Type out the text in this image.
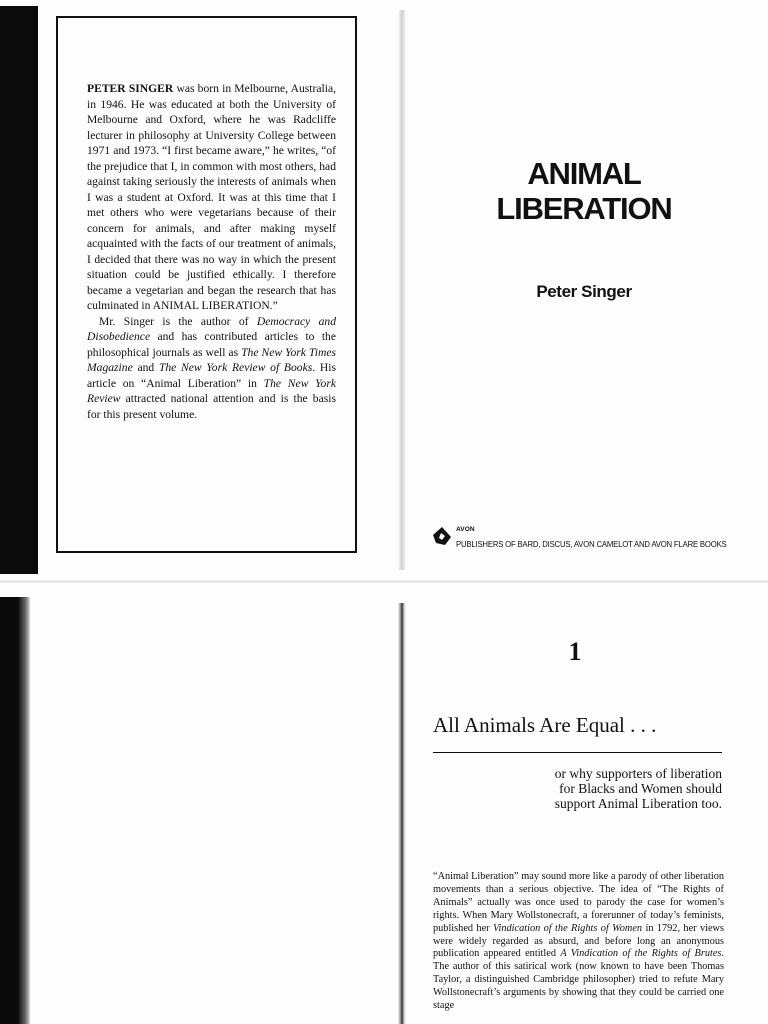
PETER SINGER was born in Melbourne, Australia, in 1946. He was educated at both the University of Melbourne and Oxford, where he was Radcliffe lecturer in philosophy at University College between 1971 and 1973. “I first became aware,” he writes, “of the prejudice that I, in common with most others, had against taking seriously the interests of animals when I was a student at Oxford. It was at this time that I met others who were vegetarians because of their concern for animals, and after making myself acquainted with the facts of our treatment of animals, I decided that there was no way in which the present situation could be justified ethically. I therefore became a vegetarian and began the research that has culminated in ANIMAL LIBERATION.”

Mr. Singer is the author of Democracy and Disobedience and has contributed articles to the philosophical journals as well as The New York Times Magazine and The New York Review of Books. His article on “Animal Liberation” in The New York Review attracted national attention and is the basis for this present volume.

ANIMAL
LIBERATION
Peter Singer
AVON
PUBLISHERS OF BARD, DISCUS, AVON CAMELOT AND AVON FLARE BOOKS
1
All Animals Are Equal . . .
or why supporters of liberation
for Blacks and Women should
support Animal Liberation too.
“Animal Liberation” may sound more like a parody of other liberation movements than a serious objective. The idea of “The Rights of Animals” actually was once used to parody the case for women’s rights. When Mary Wollstonecraft, a forerunner of today’s feminists, published her Vindication of the Rights of Women in 1792, her views were widely regarded as absurd, and before long an anonymous publication appeared entitled A Vindication of the Rights of Brutes. The author of this satirical work (now known to have been Thomas Taylor, a distinguished Cambridge philosopher) tried to refute Mary Wollstonecraft’s arguments by showing that they could be carried one stage
